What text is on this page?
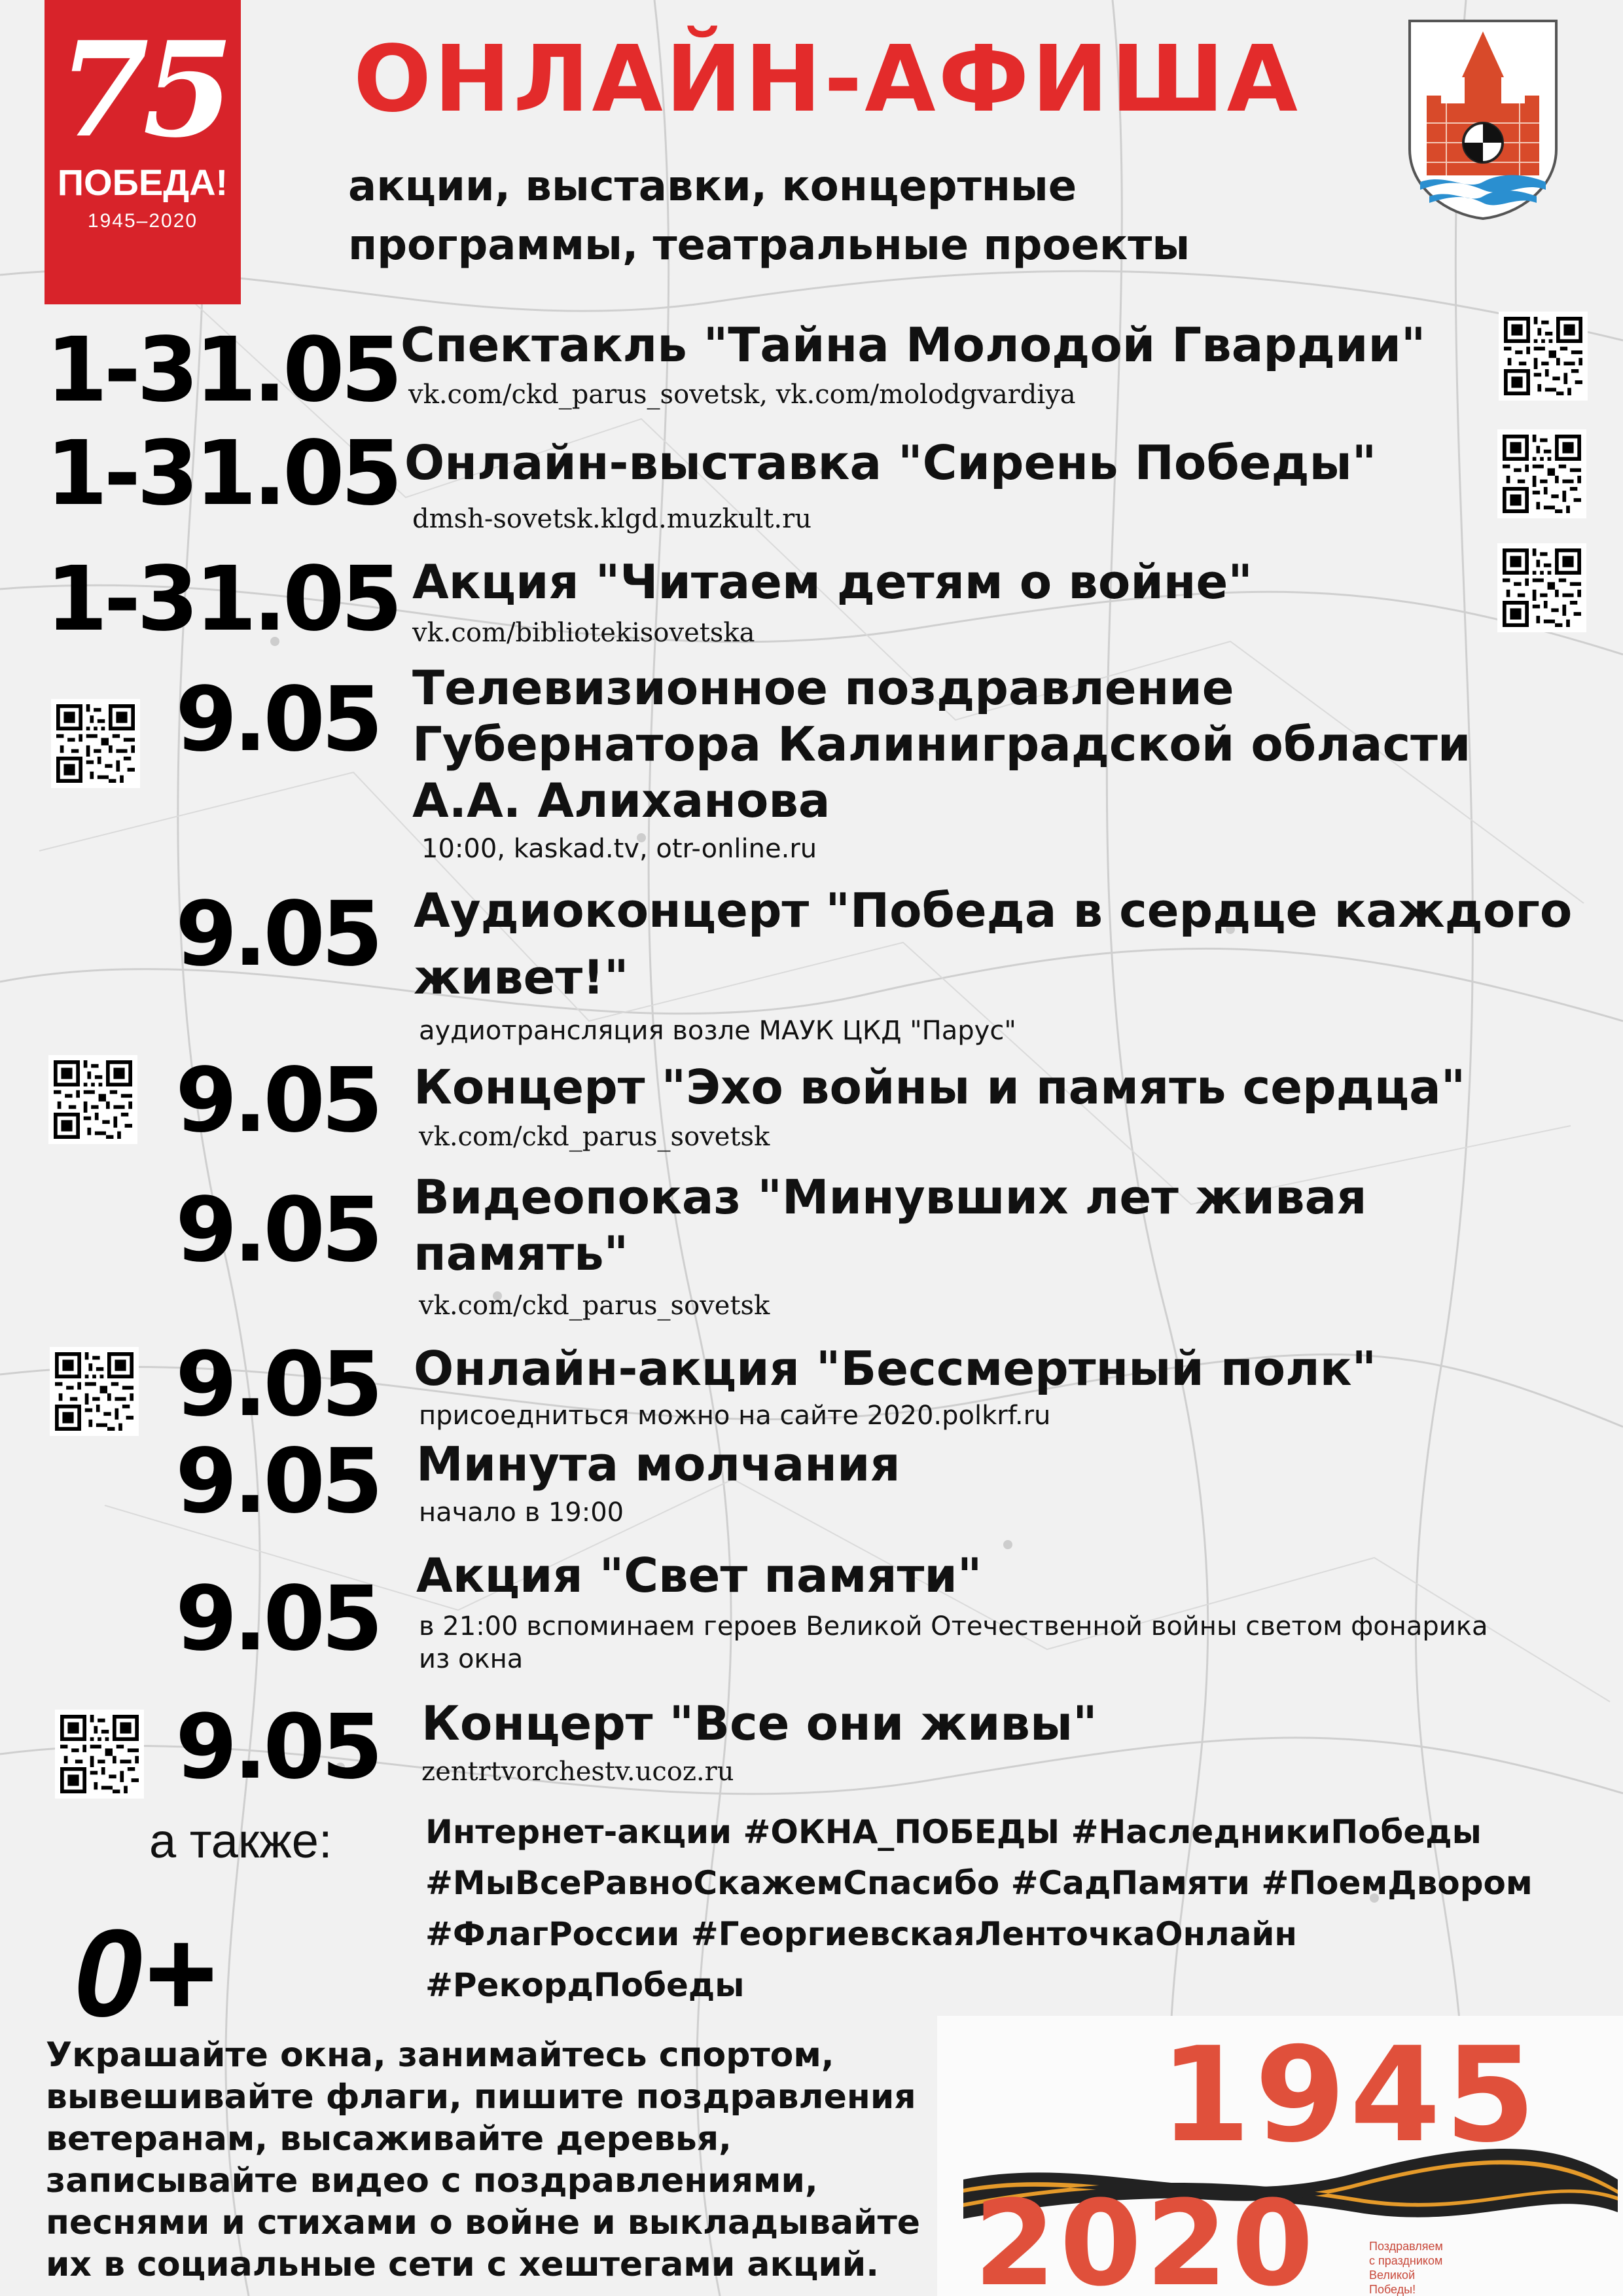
75
ПОБЕДА!
1945–2020
ОНЛАЙН-АФИША
акции, выставки, концертные
программы, театральные проекты
1-31.05 Спектакль "Тайна Молодой Гвардии"
vk.com/ckd_parus_sovetsk, vk.com/molodgvardiya
1-31.05 Онлайн-выставка "Сирень Победы"
dmsh-sovetsk.klgd.muzkult.ru
1-31.05 Акция "Читаем детям о войне"
vk.com/bibliotekisovetska
9.05 Телевизионное поздравление
Губернатора Калиниградской области
А.А. Алиханова
10:00, kaskad.tv, otr-online.ru
9.05 Аудиоконцерт "Победа в сердце каждого
живет!"
аудиотрансляция возле МАУК ЦКД "Парус"
9.05 Концерт "Эхо войны и память сердца"
vk.com/ckd_parus_sovetsk
9.05 Видеопоказ "Минувших лет живая
память"
vk.com/ckd_parus_sovetsk
9.05 Онлайн-акция "Бессмертный полк"
присоедниться можно на сайте 2020.polkrf.ru
9.05 Минута молчания
начало в 19:00
9.05 Акция "Свет памяти"
в 21:00 вспоминаем героев Великой Отечественной войны светом фонарика
из окна
9.05 Концерт "Все они живы"
zentrtvorchestv.ucoz.ru
а также:	Интернет-акции #ОКНА_ПОБЕДЫ #НаследникиПобеды
#МыВсеРавноСкажемСпасибо #СадПамяти #ПоемДвором
#ФлагРоссии #ГеоргиевскаяЛенточкаОнлайн
#РекордПобеды
0+
Украшайте окна, занимайтесь спортом,
вывешивайте флаги, пишите поздравления
ветеранам, высаживайте деревья,
записывайте видео с поздравлениями,
песнями и стихами о войне и выкладывайте
их в социальные сети с хештегами акций.
1945
2020	Поздравляем
с праздником
Великой
Победы!
